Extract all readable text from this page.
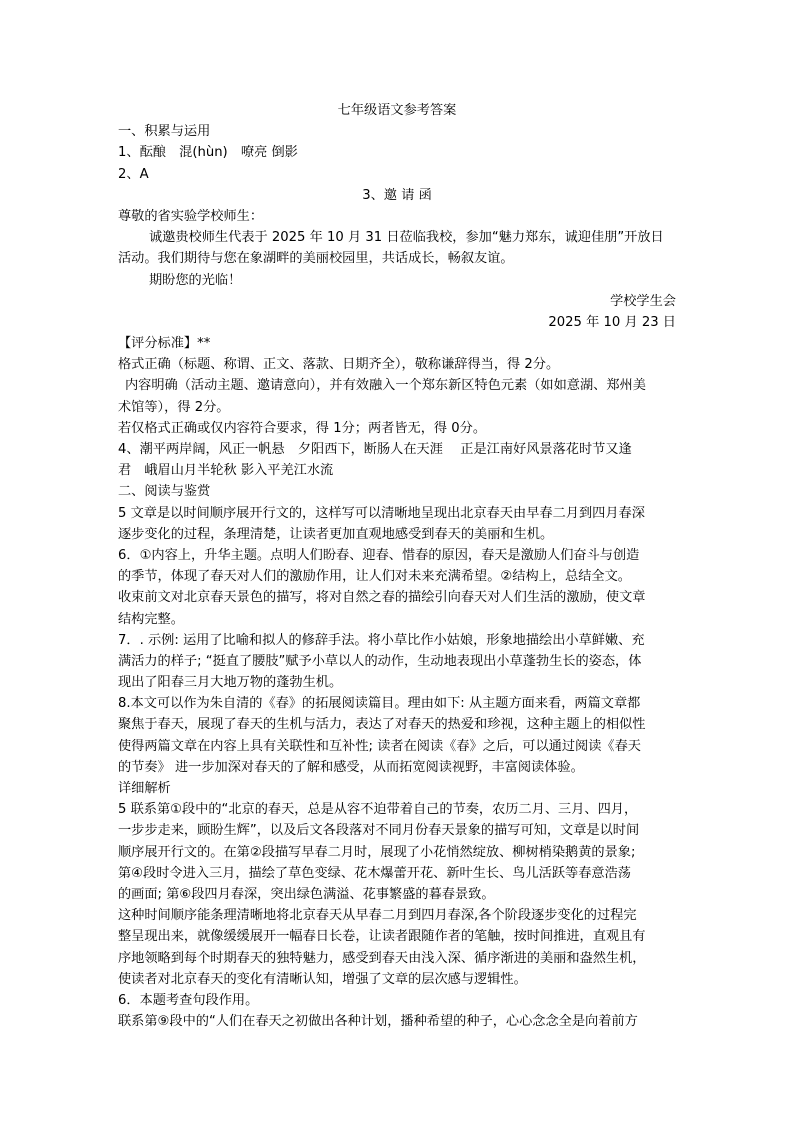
七年级语文参考答案
一、积累与运用
1、酝酿　混(hùn)　嘹亮 倒影
2、A
3、邀 请 函
尊敬的省实验学校师生：
诚邀贵校师生代表于 2025 年 10 月 31 日莅临我校，参加“魅力郑东，诚迎佳朋”开放日
活动。我们期待与您在象湖畔的美丽校园里，共话成长，畅叙友谊。
期盼您的光临！
学校学生会
2025 年 10 月 23 日
【评分标准】**
格式正确（标题、称谓、正文、落款、日期齐全），敬称谦辞得当，得 2分。
内容明确（活动主题、邀请意向），并有效融入一个郑东新区特色元素（如如意湖、郑州美
术馆等），得 2分。
若仅格式正确或仅内容符合要求，得 1分；两者皆无，得 0分。
4、潮平两岸阔，风正一帆悬　夕阳西下，断肠人在天涯　 正是江南好风景落花时节又逢
君　峨眉山月半轮秋 影入平羌江水流
二、阅读与鉴赏
5 文章是以时间顺序展开行文的，这样写可以清晰地呈现出北京春天由早春二月到四月春深
逐步变化的过程，条理清楚，让读者更加直观地感受到春天的美丽和生机。
6．①内容上，升华主题。点明人们盼春、迎春、惜春的原因，春天是激励人们奋斗与创造
的季节，体现了春天对人们的激励作用，让人们对未来充满希望。②结构上，总结全文。
收束前文对北京春天景色的描写，将对自然之春的描绘引向春天对人们生活的激励，使文章
结构完整。
7．. 示例: 运用了比喻和拟人的修辞手法。将小草比作小姑娘，形象地描绘出小草鲜嫩、充
满活力的样子; “挺直了腰肢”赋予小草以人的动作，生动地表现出小草蓬勃生长的姿态，体
现出了阳春三月大地万物的蓬勃生机。
8.本文可以作为朱自清的《春》的拓展阅读篇目。理由如下: 从主题方面来看，两篇文章都
聚焦于春天，展现了春天的生机与活力，表达了对春天的热爱和珍视，这种主题上的相似性
使得两篇文章在内容上具有关联性和互补性; 读者在阅读《春》之后，可以通过阅读《春天
的节奏》 进一步加深对春天的了解和感受，从而拓宽阅读视野，丰富阅读体验。
详细解析
5 联系第①段中的“北京的春天，总是从容不迫带着自己的节奏，农历二月、三月、四月，
一步步走来，顾盼生辉”，以及后文各段落对不同月份春天景象的描写可知，文章是以时间
顺序展开行文的。在第②段描写早春二月时，展现了小花悄然绽放、柳树梢染鹅黄的景象;
第④段时令进入三月，描绘了草色变绿、花木爆蕾开花、新叶生长、鸟儿活跃等春意浩荡
的画面; 第⑥段四月春深，突出绿色满溢、花事繁盛的暮春景致。
这种时间顺序能条理清晰地将北京春天从早春二月到四月春深,各个阶段逐步变化的过程完
整呈现出来，就像缓缓展开一幅春日长卷，让读者跟随作者的笔触，按时间推进，直观且有
序地领略到每个时期春天的独特魅力，感受到春天由浅入深、循序渐进的美丽和盎然生机，
使读者对北京春天的变化有清晰认知，增强了文章的层次感与逻辑性。
6．本题考查句段作用。
联系第⑨段中的“人们在春天之初做出各种计划，播种希望的种子，心心念念全是向着前方
